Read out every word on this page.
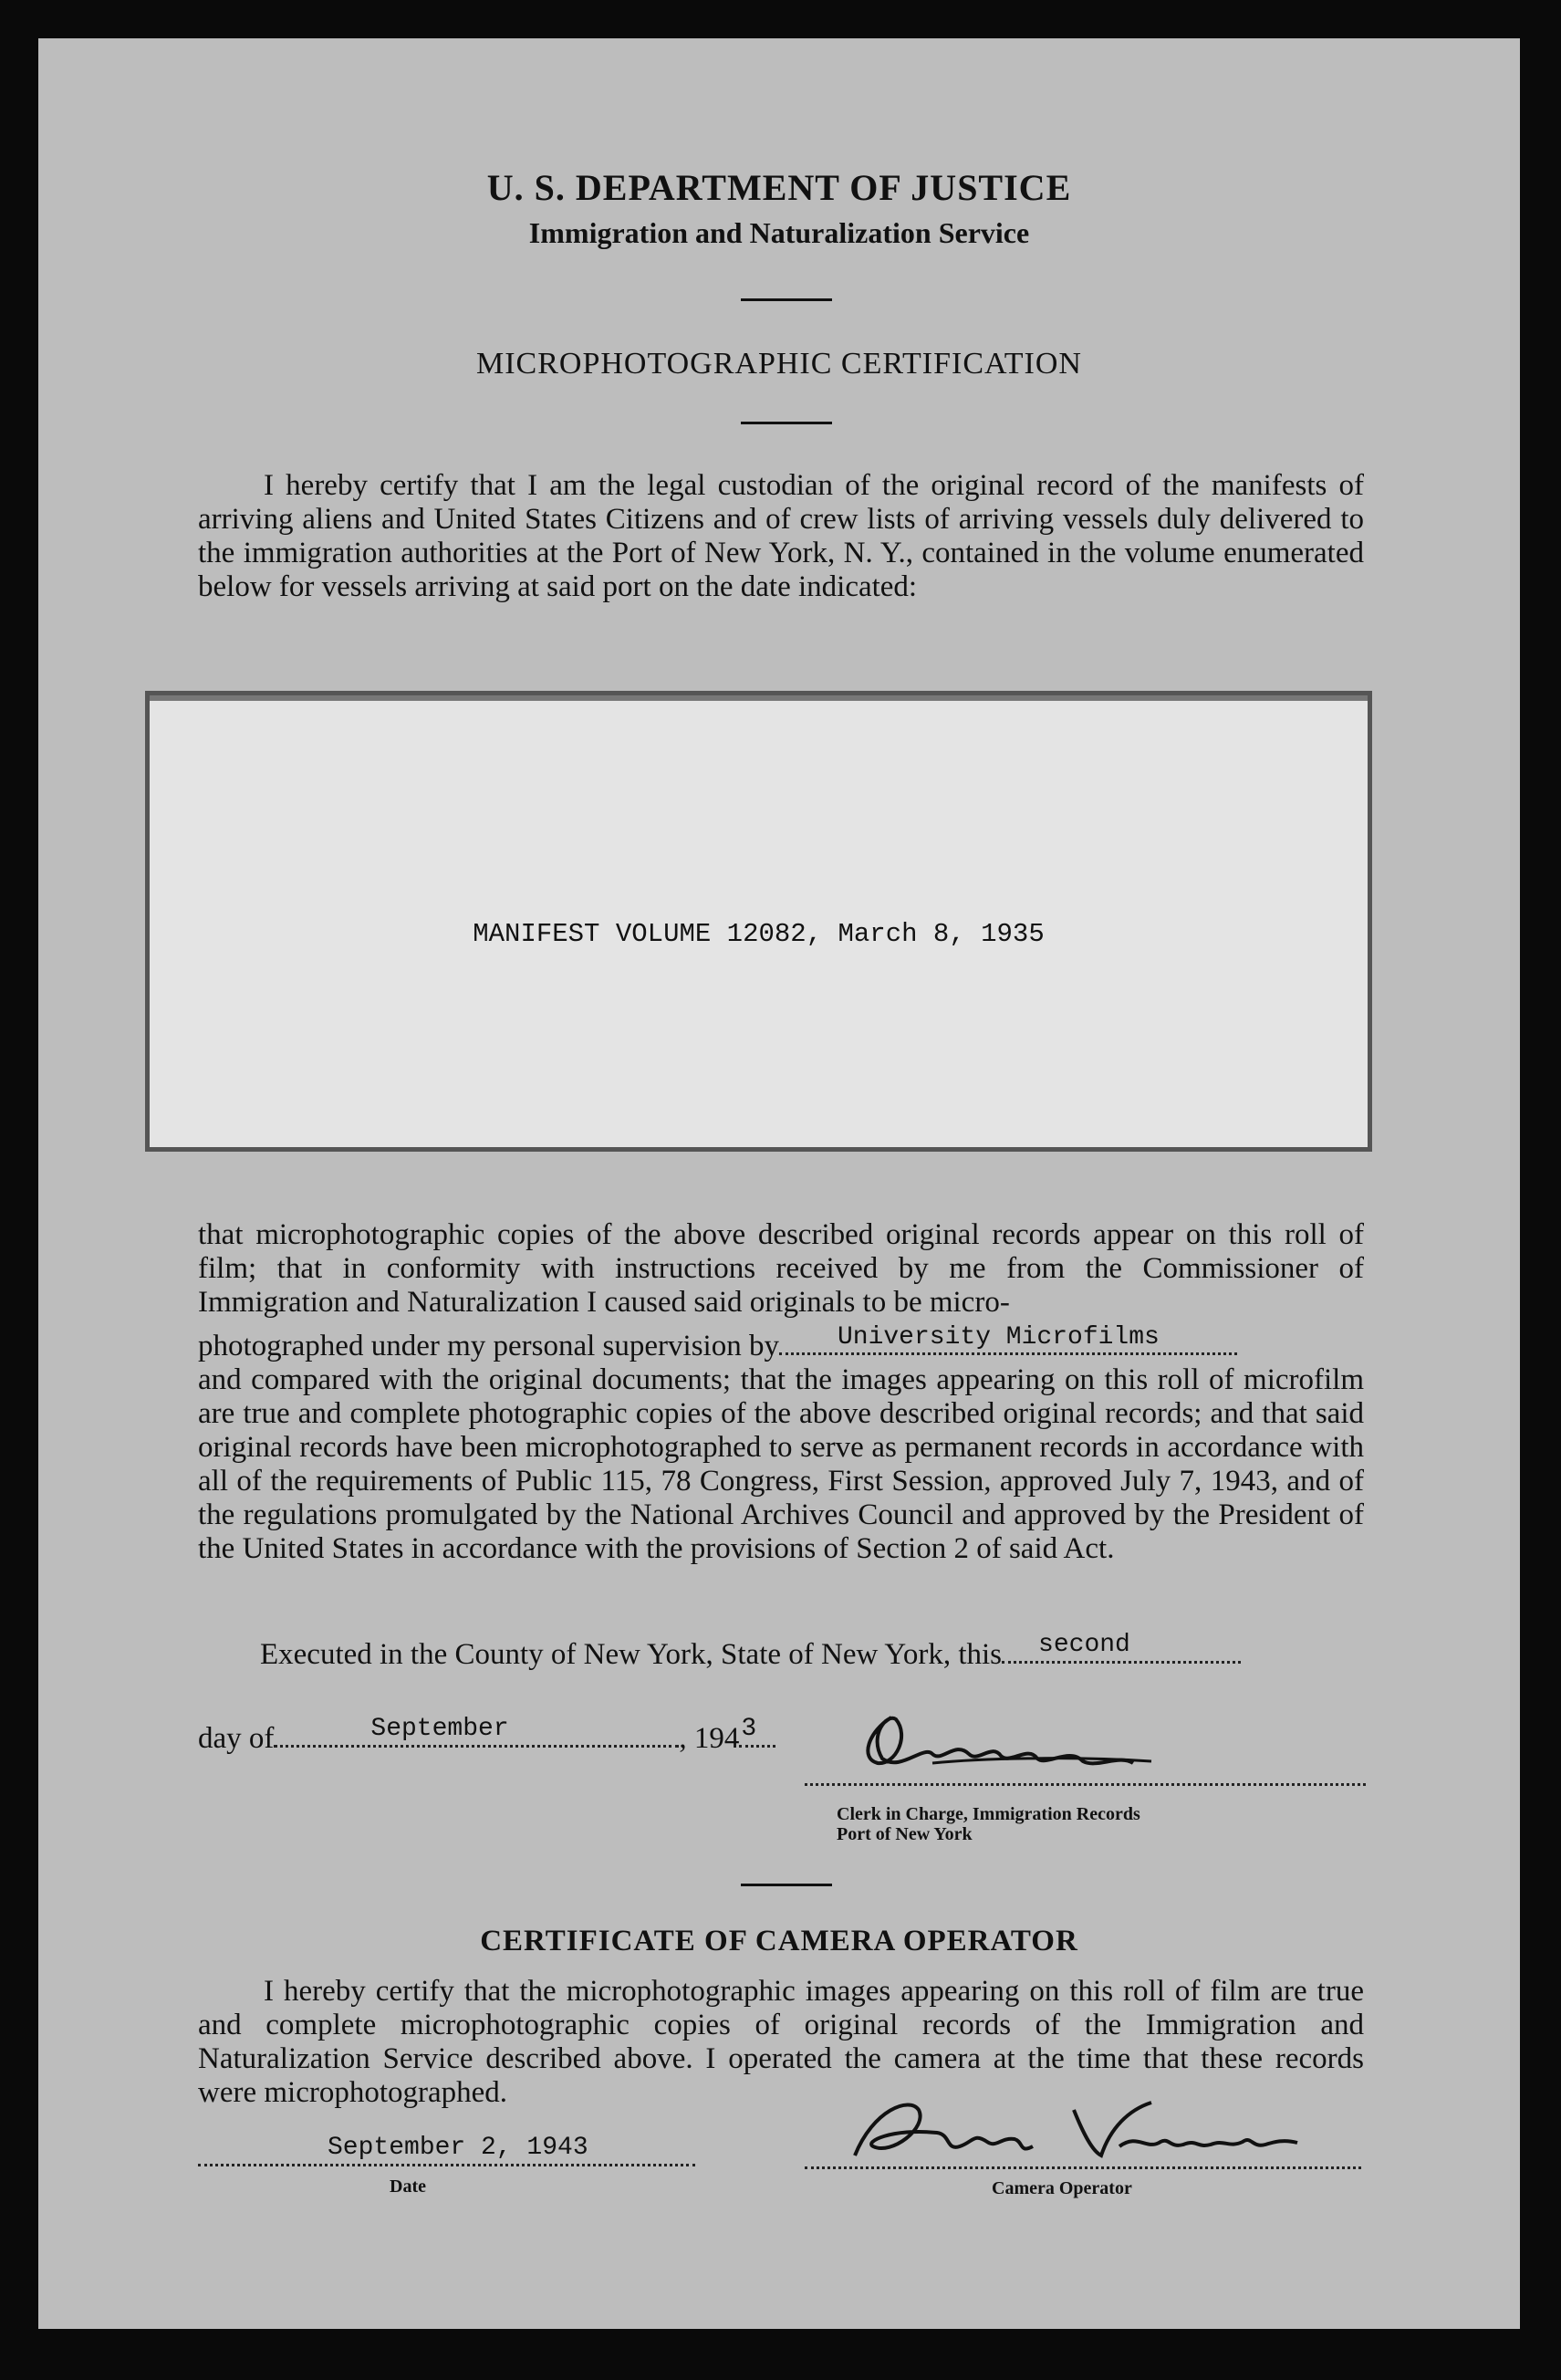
U. S. DEPARTMENT OF JUSTICE
Immigration and Naturalization Service
MICROPHOTOGRAPHIC CERTIFICATION

I hereby certify that I am the legal custodian of the original record of the manifests of arriving aliens and United States Citizens and of crew lists of arriving vessels duly delivered to the immigration authorities at the Port of New York, N. Y., contained in the volume enumerated below for vessels arriving at said port on the date indicated:

MANIFEST VOLUME 12082, March 8, 1935
that microphotographic copies of the above described original records appear on this roll of film; that in conformity with instructions received by me from the Commissioner of Immigration and Naturalization I caused said originals to be micro-
photographed under my personal supervision by University Microfilms
and compared with the original documents; that the images appearing on this roll of microfilm are true and complete photographic copies of the above described original records; and that said original records have been microphotographed to serve as permanent records in accordance with all of the requirements of Public 115, 78 Congress, First Session, approved July 7, 1943, and of the regulations promulgated by the National Archives Council and approved by the President of the United States in accordance with the provisions of Section 2 of said Act.
Executed in the County of New York, State of New York, this second
day of	September	, 194 3
Clerk in Charge, Immigration Records
Port of New York
CERTIFICATE OF CAMERA OPERATOR

I hereby certify that the microphotographic images appearing on this roll of film are true and complete microphotographic copies of original records of the Immigration and Naturalization Service described above. I operated the camera at the time that these records were microphotographed.

September 2, 1943
Date	Camera Operator
